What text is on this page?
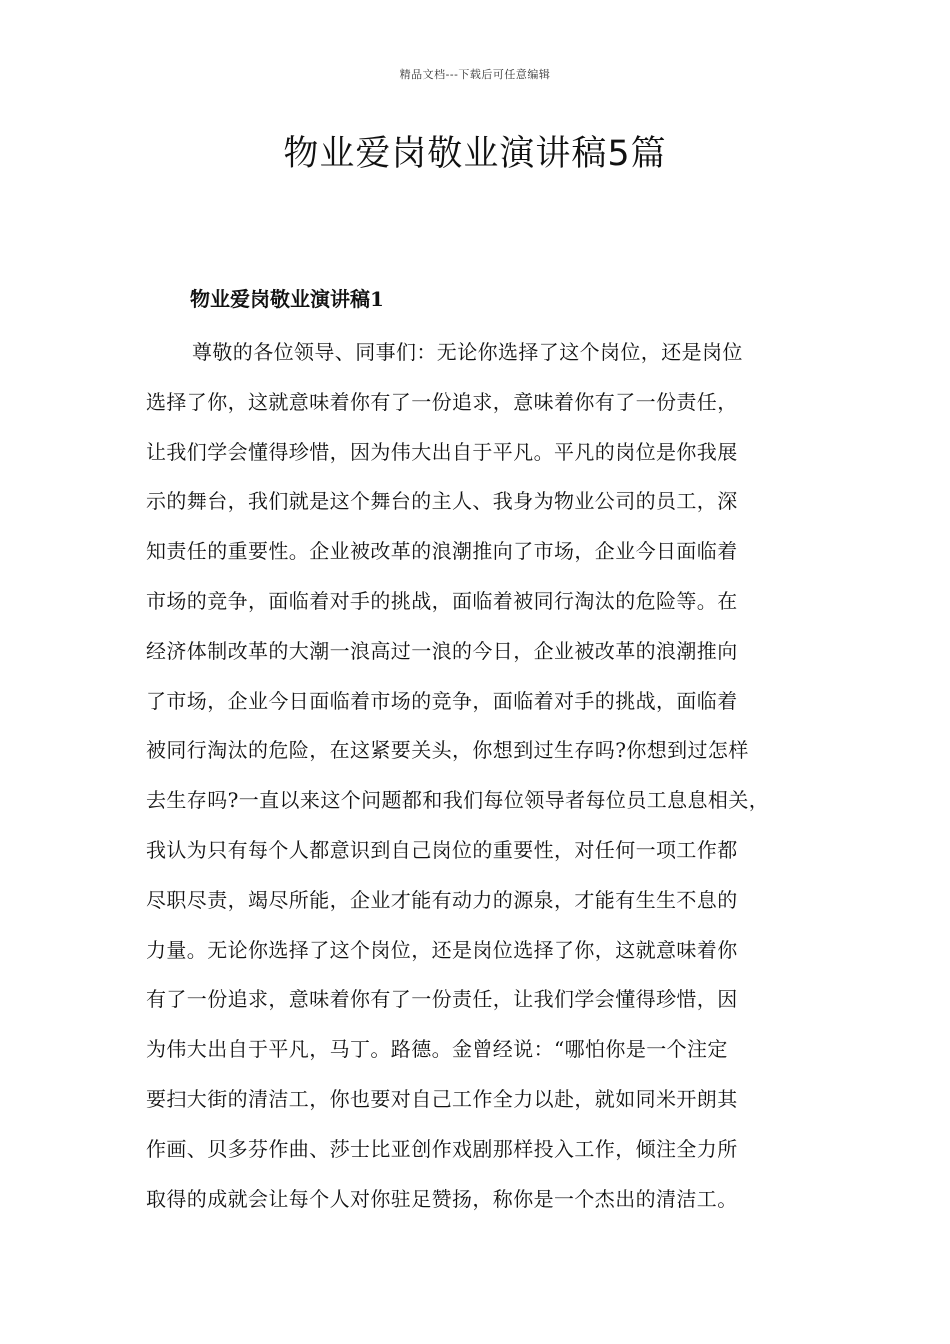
精品文档---下载后可任意编辑
物业爱岗敬业演讲稿5篇
物业爱岗敬业演讲稿1
尊敬的各位领导、同事们：无论你选择了这个岗位，还是岗位
选择了你，这就意味着你有了一份追求，意味着你有了一份责任，
让我们学会懂得珍惜，因为伟大出自于平凡。平凡的岗位是你我展
示的舞台，我们就是这个舞台的主人、我身为物业公司的员工，深
知责任的重要性。企业被改革的浪潮推向了市场，企业今日面临着
市场的竞争，面临着对手的挑战，面临着被同行淘汰的危险等。在
经济体制改革的大潮一浪高过一浪的今日，企业被改革的浪潮推向
了市场，企业今日面临着市场的竞争，面临着对手的挑战，面临着
被同行淘汰的危险，在这紧要关头，你想到过生存吗?你想到过怎样
去生存吗?一直以来这个问题都和我们每位领导者每位员工息息相关，
我认为只有每个人都意识到自己岗位的重要性，对任何一项工作都
尽职尽责，竭尽所能，企业才能有动力的源泉，才能有生生不息的
力量。无论你选择了这个岗位，还是岗位选择了你，这就意味着你
有了一份追求，意味着你有了一份责任，让我们学会懂得珍惜，因
为伟大出自于平凡，马丁。路德。金曾经说：“哪怕你是一个注定
要扫大街的清洁工，你也要对自己工作全力以赴，就如同米开朗其
作画、贝多芬作曲、莎士比亚创作戏剧那样投入工作，倾注全力所
取得的成就会让每个人对你驻足赞扬，称你是一个杰出的清洁工。
